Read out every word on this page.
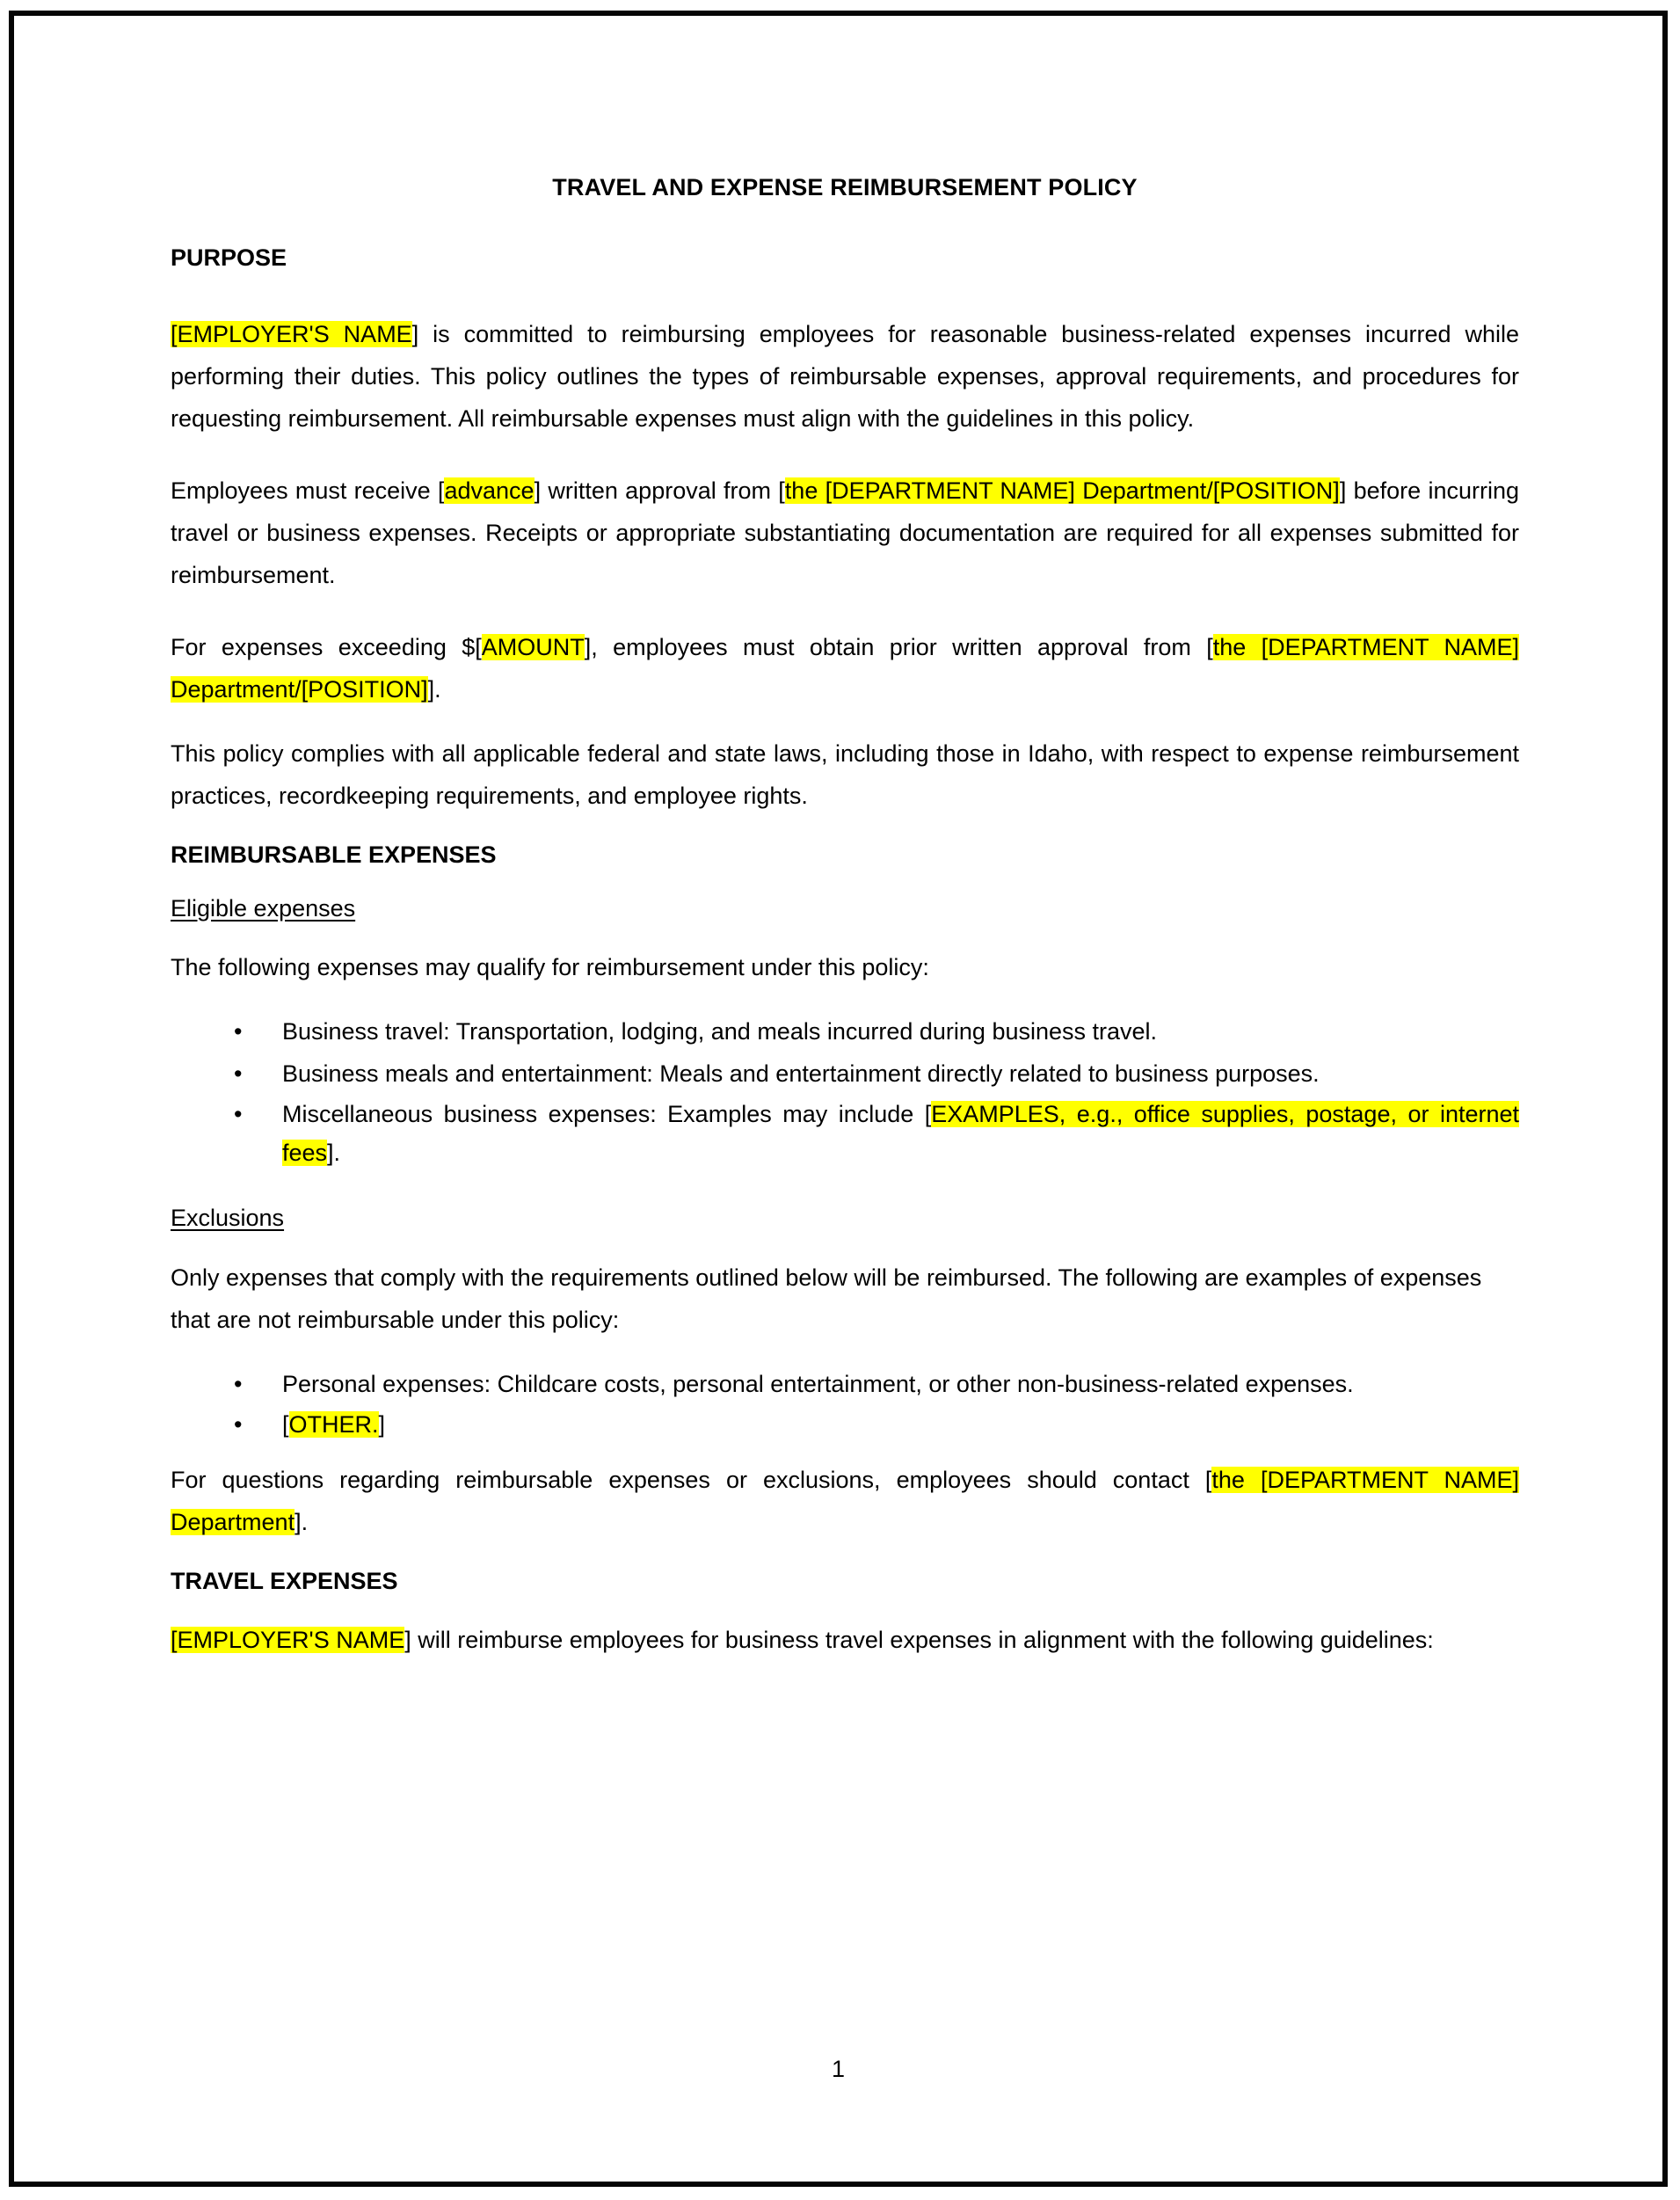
TRAVEL AND EXPENSE REIMBURSEMENT POLICY
PURPOSE

[EMPLOYER'S NAME] is committed to reimbursing employees for reasonable business-related expenses incurred while performing their duties. This policy outlines the types of reimbursable expenses, approval requirements, and procedures for requesting reimbursement. All reimbursable expenses must align with the guidelines in this policy.

Employees must receive [advance] written approval from [the [DEPARTMENT NAME] Department/[POSITION]] before incurring travel or business expenses. Receipts or appropriate substantiating documentation are required for all expenses submitted for reimbursement.

For expenses exceeding $[AMOUNT], employees must obtain prior written approval from [the [DEPARTMENT NAME] Department/[POSITION]].

This policy complies with all applicable federal and state laws, including those in Idaho, with respect to expense reimbursement practices, recordkeeping requirements, and employee rights.

REIMBURSABLE EXPENSES
Eligible expenses

The following expenses may qualify for reimbursement under this policy:

• Business travel: Transportation, lodging, and meals incurred during business travel.
• Business meals and entertainment: Meals and entertainment directly related to business purposes.
• Miscellaneous business expenses: Examples may include [EXAMPLES, e.g., office supplies, postage, or internet fees].
Exclusions

Only expenses that comply with the requirements outlined below will be reimbursed. The following are examples of expenses that are not reimbursable under this policy:

• Personal expenses: Childcare costs, personal entertainment, or other non-business-related expenses.
• [OTHER.]

For questions regarding reimbursable expenses or exclusions, employees should contact [the [DEPARTMENT NAME] Department].

TRAVEL EXPENSES

[EMPLOYER'S NAME] will reimburse employees for business travel expenses in alignment with the following guidelines:

1
